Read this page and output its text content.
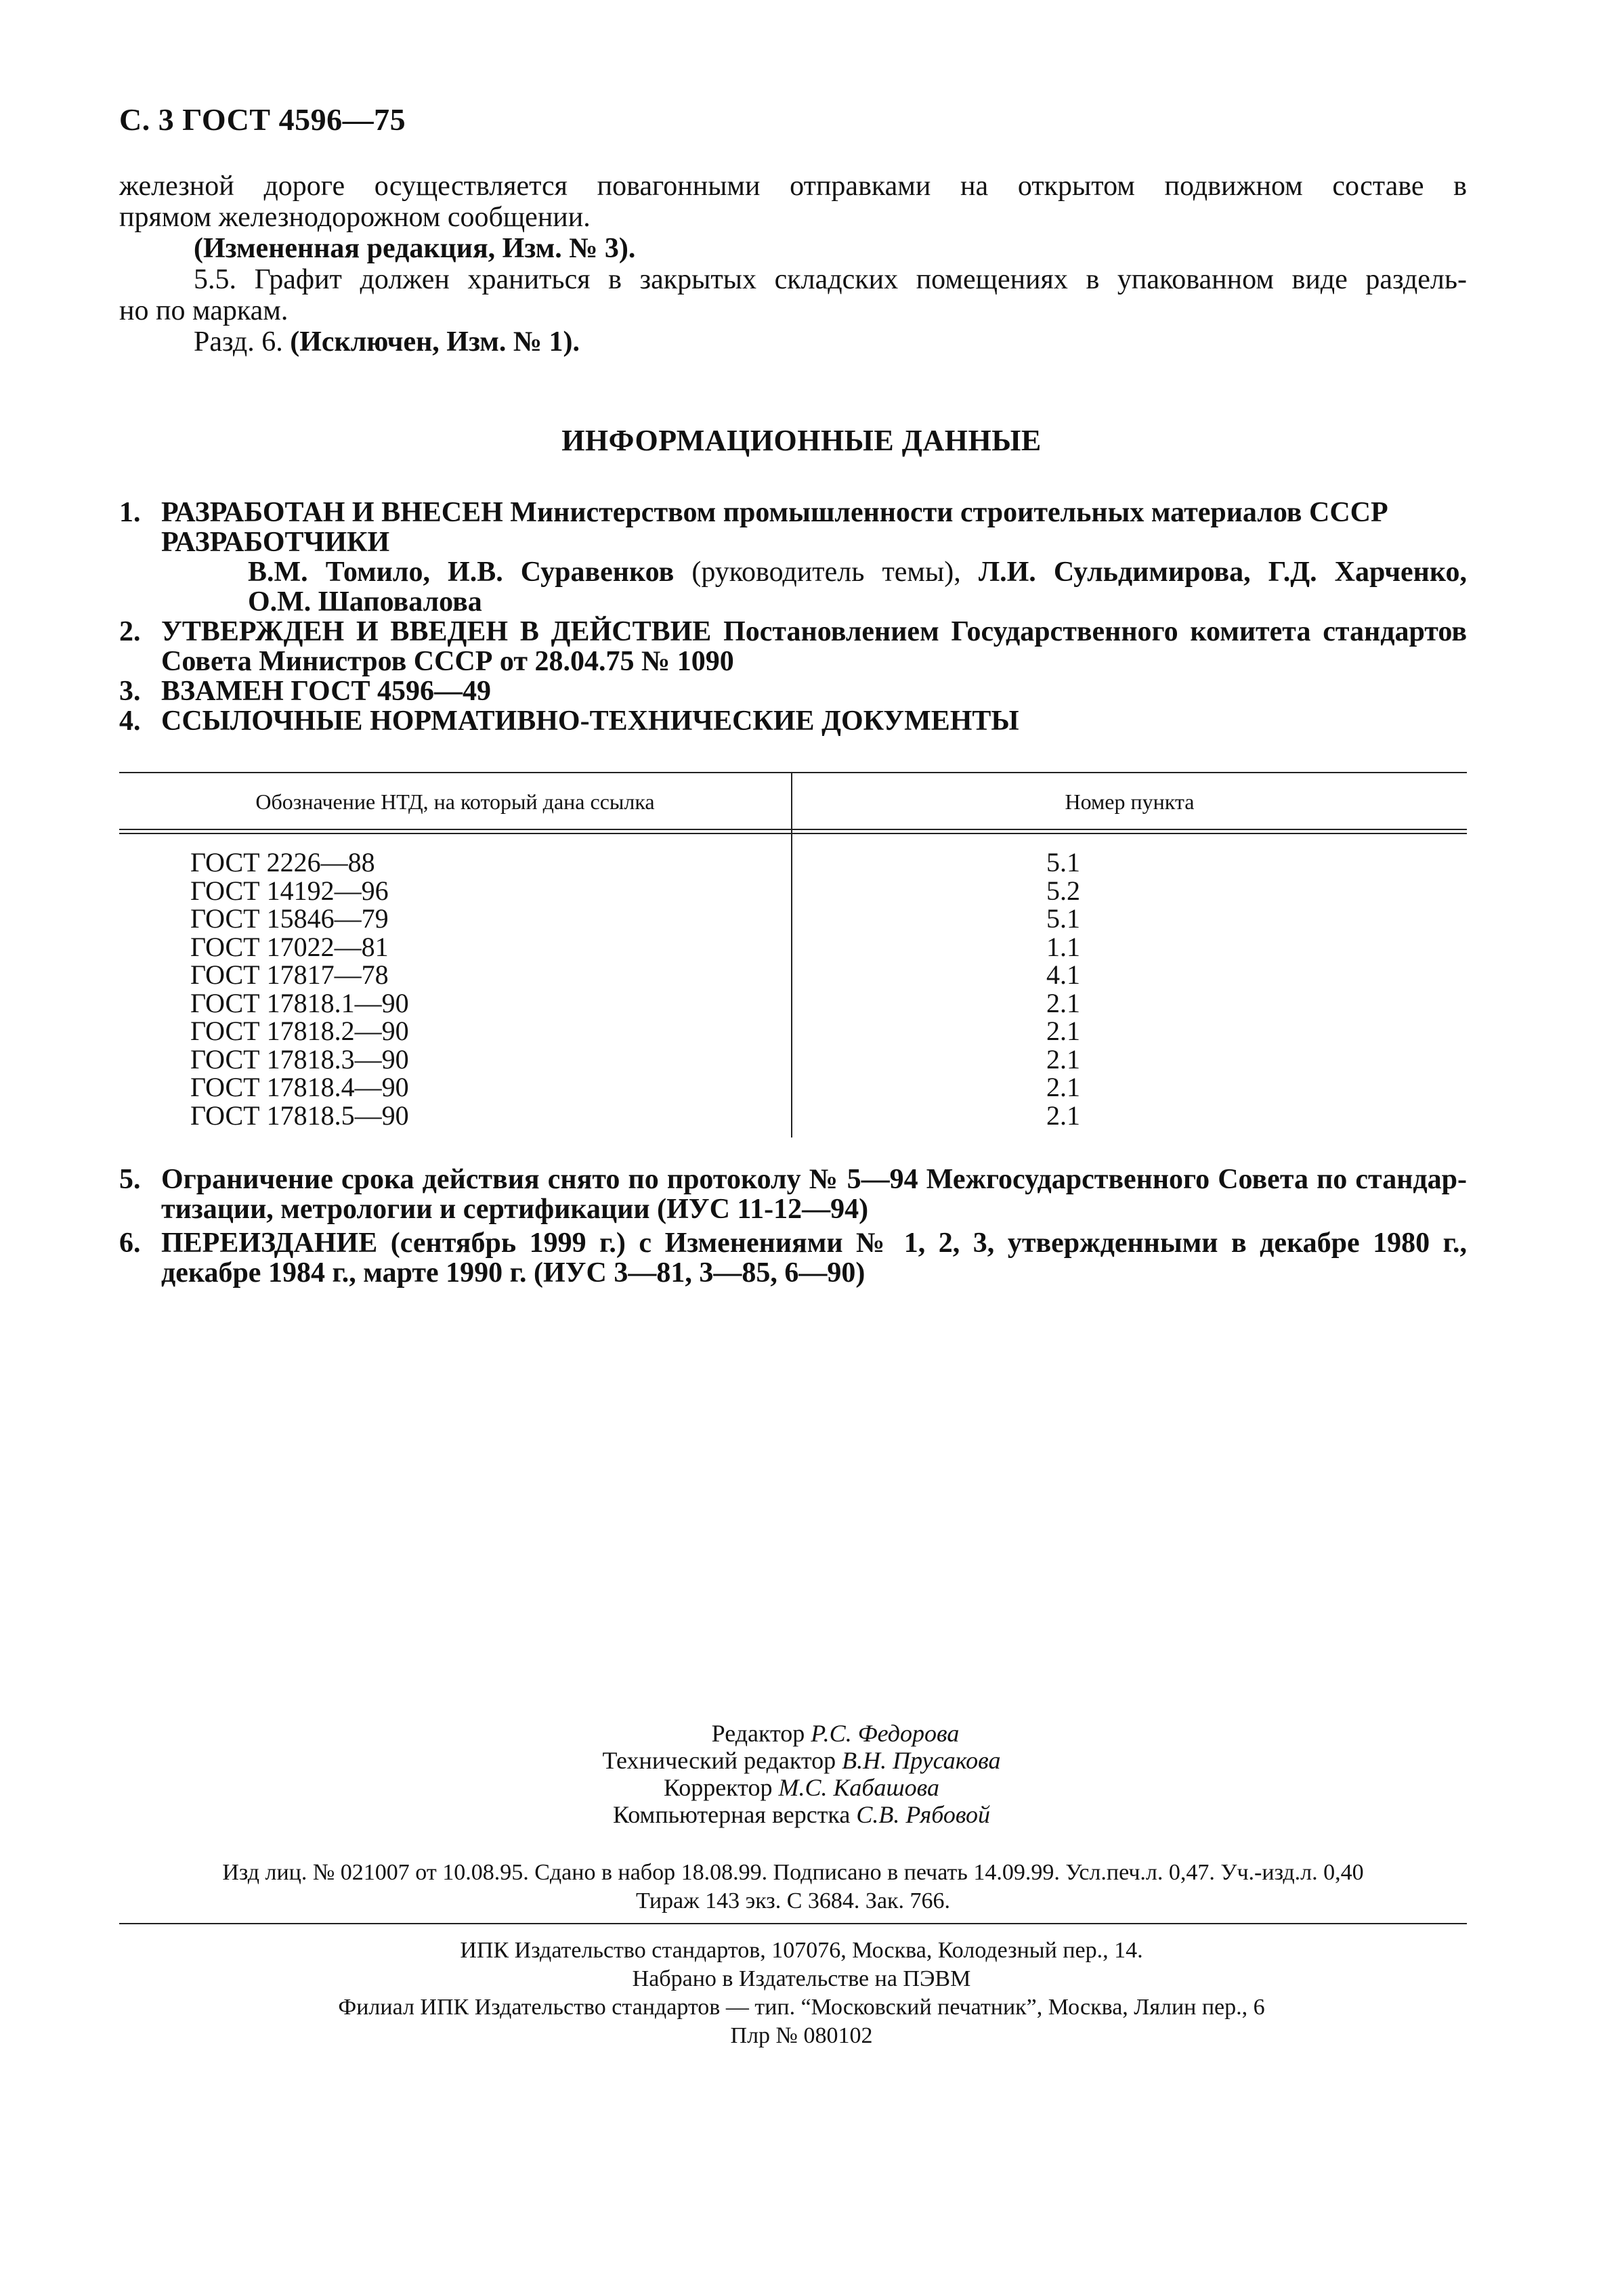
С. 3 ГОСТ 4596—75

железной дороге осуществляется повагонными отправками на открытом подвижном составе в

прямом железнодорожном сообщении.

(Измененная редакция, Изм. № 3).

5.5. Графит должен храниться в закрытых складских помещениях в упакованном виде раздель-

но по маркам.

Разд. 6. (Исключен, Изм. № 1).

ИНФОРМАЦИОННЫЕ ДАННЫЕ
1. РАЗРАБОТАН И ВНЕСЕН Министерством промышленности строительных материалов СССР
РАЗРАБОТЧИКИ
В.М. Томило, И.В. Суравенков (руководитель темы), Л.И. Сульдимирова, Г.Д. Харченко,
О.М. Шаповалова
2. УТВЕРЖДЕН И ВВЕДЕН В ДЕЙСТВИЕ Постановлением Государственного комитета стандартов
Совета Министров СССР от 28.04.75 № 1090
3. ВЗАМЕН ГОСТ 4596—49
4. ССЫЛОЧНЫЕ НОРМАТИВНО-ТЕХНИЧЕСКИЕ ДОКУМЕНТЫ
Обозначение НТД, на который дана ссылка	Номер пункта
ГОСТ 2226—88	5.1
ГОСТ 14192—96	5.2
ГОСТ 15846—79	5.1
ГОСТ 17022—81	1.1
ГОСТ 17817—78	4.1
ГОСТ 17818.1—90	2.1
ГОСТ 17818.2—90	2.1
ГОСТ 17818.3—90	2.1
ГОСТ 17818.4—90	2.1
ГОСТ 17818.5—90	2.1
5. Ограничение срока действия снято по протоколу № 5—94 Межгосударственного Совета по стандар-
тизации, метрологии и сертификации (ИУС 11-12—94)
6. ПЕРЕИЗДАНИЕ (сентябрь 1999 г.) с Изменениями № 1, 2, 3, утвержденными в декабре 1980 г.,
декабре 1984 г., марте 1990 г. (ИУС 3—81, 3—85, 6—90)
Редактор Р.С. Федорова
Технический редактор В.Н. Прусакова
Корректор М.С. Кабашова
Компьютерная верстка С.В. Рябовой
Изд лиц. № 021007 от 10.08.95. Сдано в набор 18.08.99. Подписано в печать 14.09.99. Усл.печ.л. 0,47. Уч.-изд.л. 0,40
Тираж 143 экз. С 3684. Зак. 766.
ИПК Издательство стандартов, 107076, Москва, Колодезный пер., 14.
Набрано в Издательстве на ПЭВМ
Филиал ИПК Издательство стандартов — тип. “Московский печатник”, Москва, Лялин пер., 6
Плр № 080102
